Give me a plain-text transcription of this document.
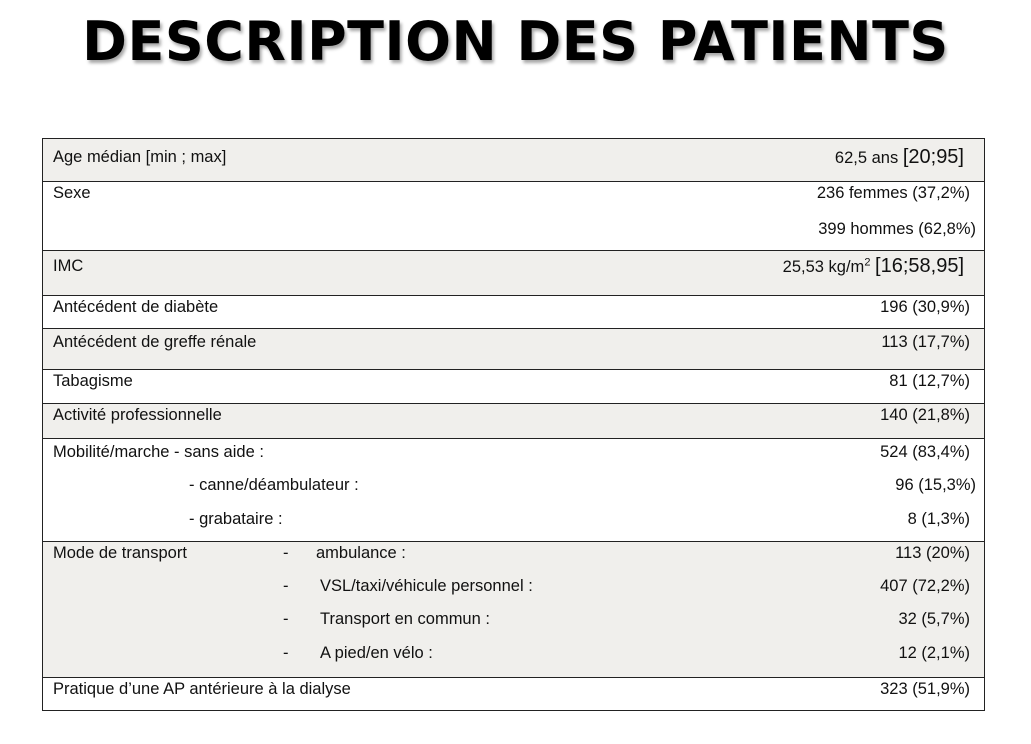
DESCRIPTION DES PATIENTS
Age médian [min ; max]	62,5 ans [20;95]
Sexe	236 femmes (37,2%)
399 hommes (62,8%)
IMC	25,53 $kg/m^2$ [16;58,95]
Antécédent de diabète	196 (30,9%)
Antécédent de greffe rénale	113 (17,7%)
Tabagisme	81 (12,7%)
Activité professionnelle	140 (21,8%)
Mobilité/marche - sans aide :	524 (83,4%)
- canne/déambulateur :	96 (15,3%)
- grabataire :	8 (1,3%)
Mode de transport	- ambulance :	113 (20%)
- VSL/taxi/véhicule personnel :	407 (72,2%)
- Transport en commun :	32 (5,7%)
- A pied/en vélo :	12 (2,1%)
Pratique d’une AP antérieure à la dialyse	323 (51,9%)
